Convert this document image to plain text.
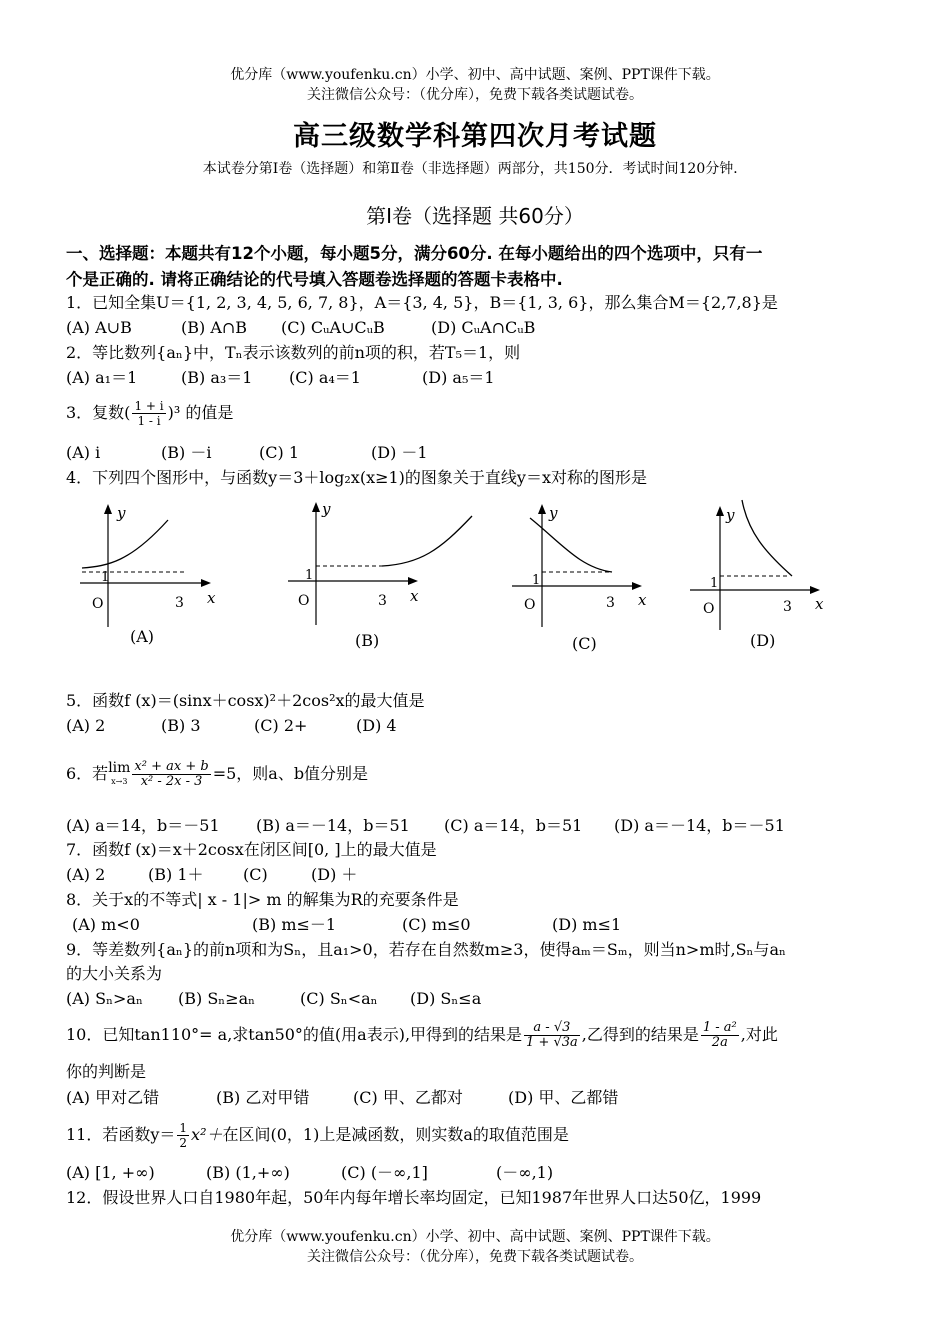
优分库（www.youfenku.cn）小学、初中、高中试题、案例、PPT课件下载。
关注微信公众号：（优分库），免费下载各类试题试卷。
高三级数学科第四次月考试题
本试卷分第Ⅰ卷（选择题）和第Ⅱ卷（非选择题）两部分，共150分．考试时间120分钟．
第Ⅰ卷（选择题 共60分）
一、选择题：本题共有12个小题，每小题5分，满分60分. 在每小题给出的四个选项中，只有一
个是正确的. 请将正确结论的代号填入答题卷选择题的答题卡表格中.
1．已知全集U＝{1, 2, 3, 4, 5, 6, 7, 8}，A＝{3, 4, 5}，B＝{1, 3, 6}，那么集合M＝{2,7,8}是
(A) A∪B	(B) A∩B (C) CᵤA∪CᵤB	(D) CᵤA∩CᵤB
2．等比数列{aₙ}中，Tₙ表示该数列的前n项的积，若T₅＝1，则
(A) a₁＝1	(B) a₃＝1 (C) a₄＝1	(D) a₅＝1
3．复数( $\frac{1 + i}{1 - i} )^3$ 的值是
(A) i	(B) －i	(C) 1	(D) －1
4．下列四个图形中，与函数y＝3＋log₂x(x≥1)的图象关于直线y＝x对称的图形是
y
x
O
1
3
y
x
O
1
3
y
x
O
1
3
y
x
O
1
3
(A)	(B)	(C)	(D)
5．函数f (x)＝(sinx＋cosx)²＋2cos²x的最大值是
(A) 2	(B) 3	(C) 2+	(D) 4
6．若 lim
$x\to 3 \frac{\text{x² + ax + b}}{\text{x² - 2x - 3}} =5$，则a、b值分别是
(A) a＝14，b＝－51 (B) a＝－14，b＝51 (C) a＝14，b＝51 (D) a＝－14，b＝－51
7．函数f (x)＝x＋2cosx在闭区间[0, ]上的最大值是
(A) 2	(B) 1＋ (C)	(D) ＋
8．关于x的不等式| x - 1|> m 的解集为R的充要条件是
(A) m<0	(B) m≤－1	(C) m≤0	(D) m≤1
9．等差数列{aₙ}的前n项和为Sₙ，且a₁>0，若存在自然数m≥3，使得aₘ＝Sₘ，则当n>m时,Sₙ与aₙ
的大小关系为
(A) Sₙ>aₙ (B) Sₙ≥aₙ	(C) Sₙ<aₙ (D) Sₙ≤a
10．已知tan110°= a,求tan50°的值(用a表示),甲得到的结果是 $\frac{a - √3}{1 + √3a}$ ,乙得到的结果是 $\frac{\text{1 - a²}}{2a}$ ,对此
你的判断是
(A) 甲对乙错	(B) 乙对甲错	(C) 甲、乙都对	(D) 甲、乙都错
11．若函数$y= \frac{1}{2} x^2+$在区间(0，1)上是减函数，则实数a的取值范围是
(A) [1, +∞)	(B) (1,+∞)	(C) (－∞,1]	(－∞,1)
12．假设世界人口自1980年起，50年内每年增长率均固定，已知1987年世界人口达50亿，1999
优分库（www.youfenku.cn）小学、初中、高中试题、案例、PPT课件下载。
关注微信公众号：（优分库），免费下载各类试题试卷。
